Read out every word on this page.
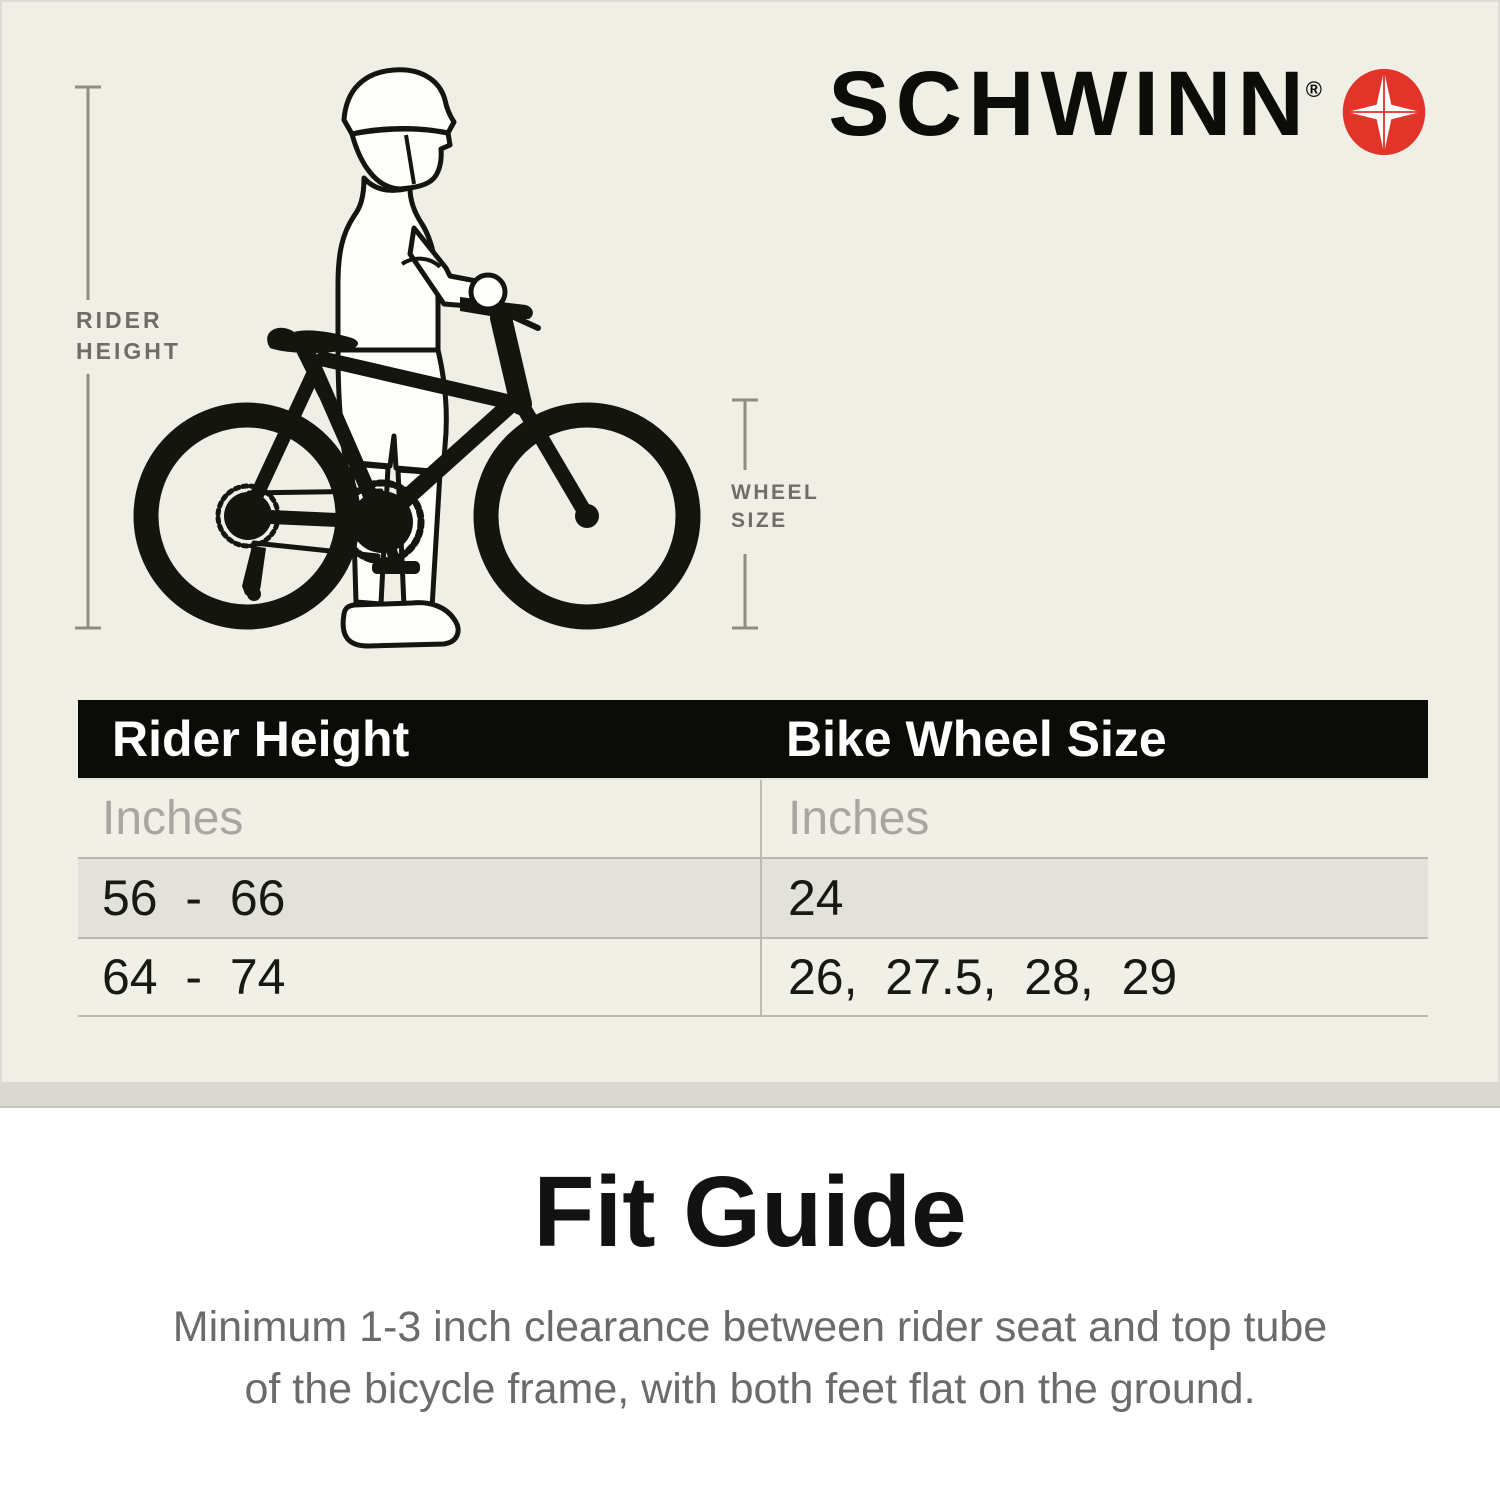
RIDER
HEIGHT
WHEEL
SIZE
SCHWINN®
Rider Height	Bike Wheel Size
Inches	Inches
56  -  66	24
64  -  74	26,  27.5,  28,  29
Fit Guide

Minimum 1-3 inch clearance between rider seat and top tube
of the bicycle frame, with both feet flat on the ground.
